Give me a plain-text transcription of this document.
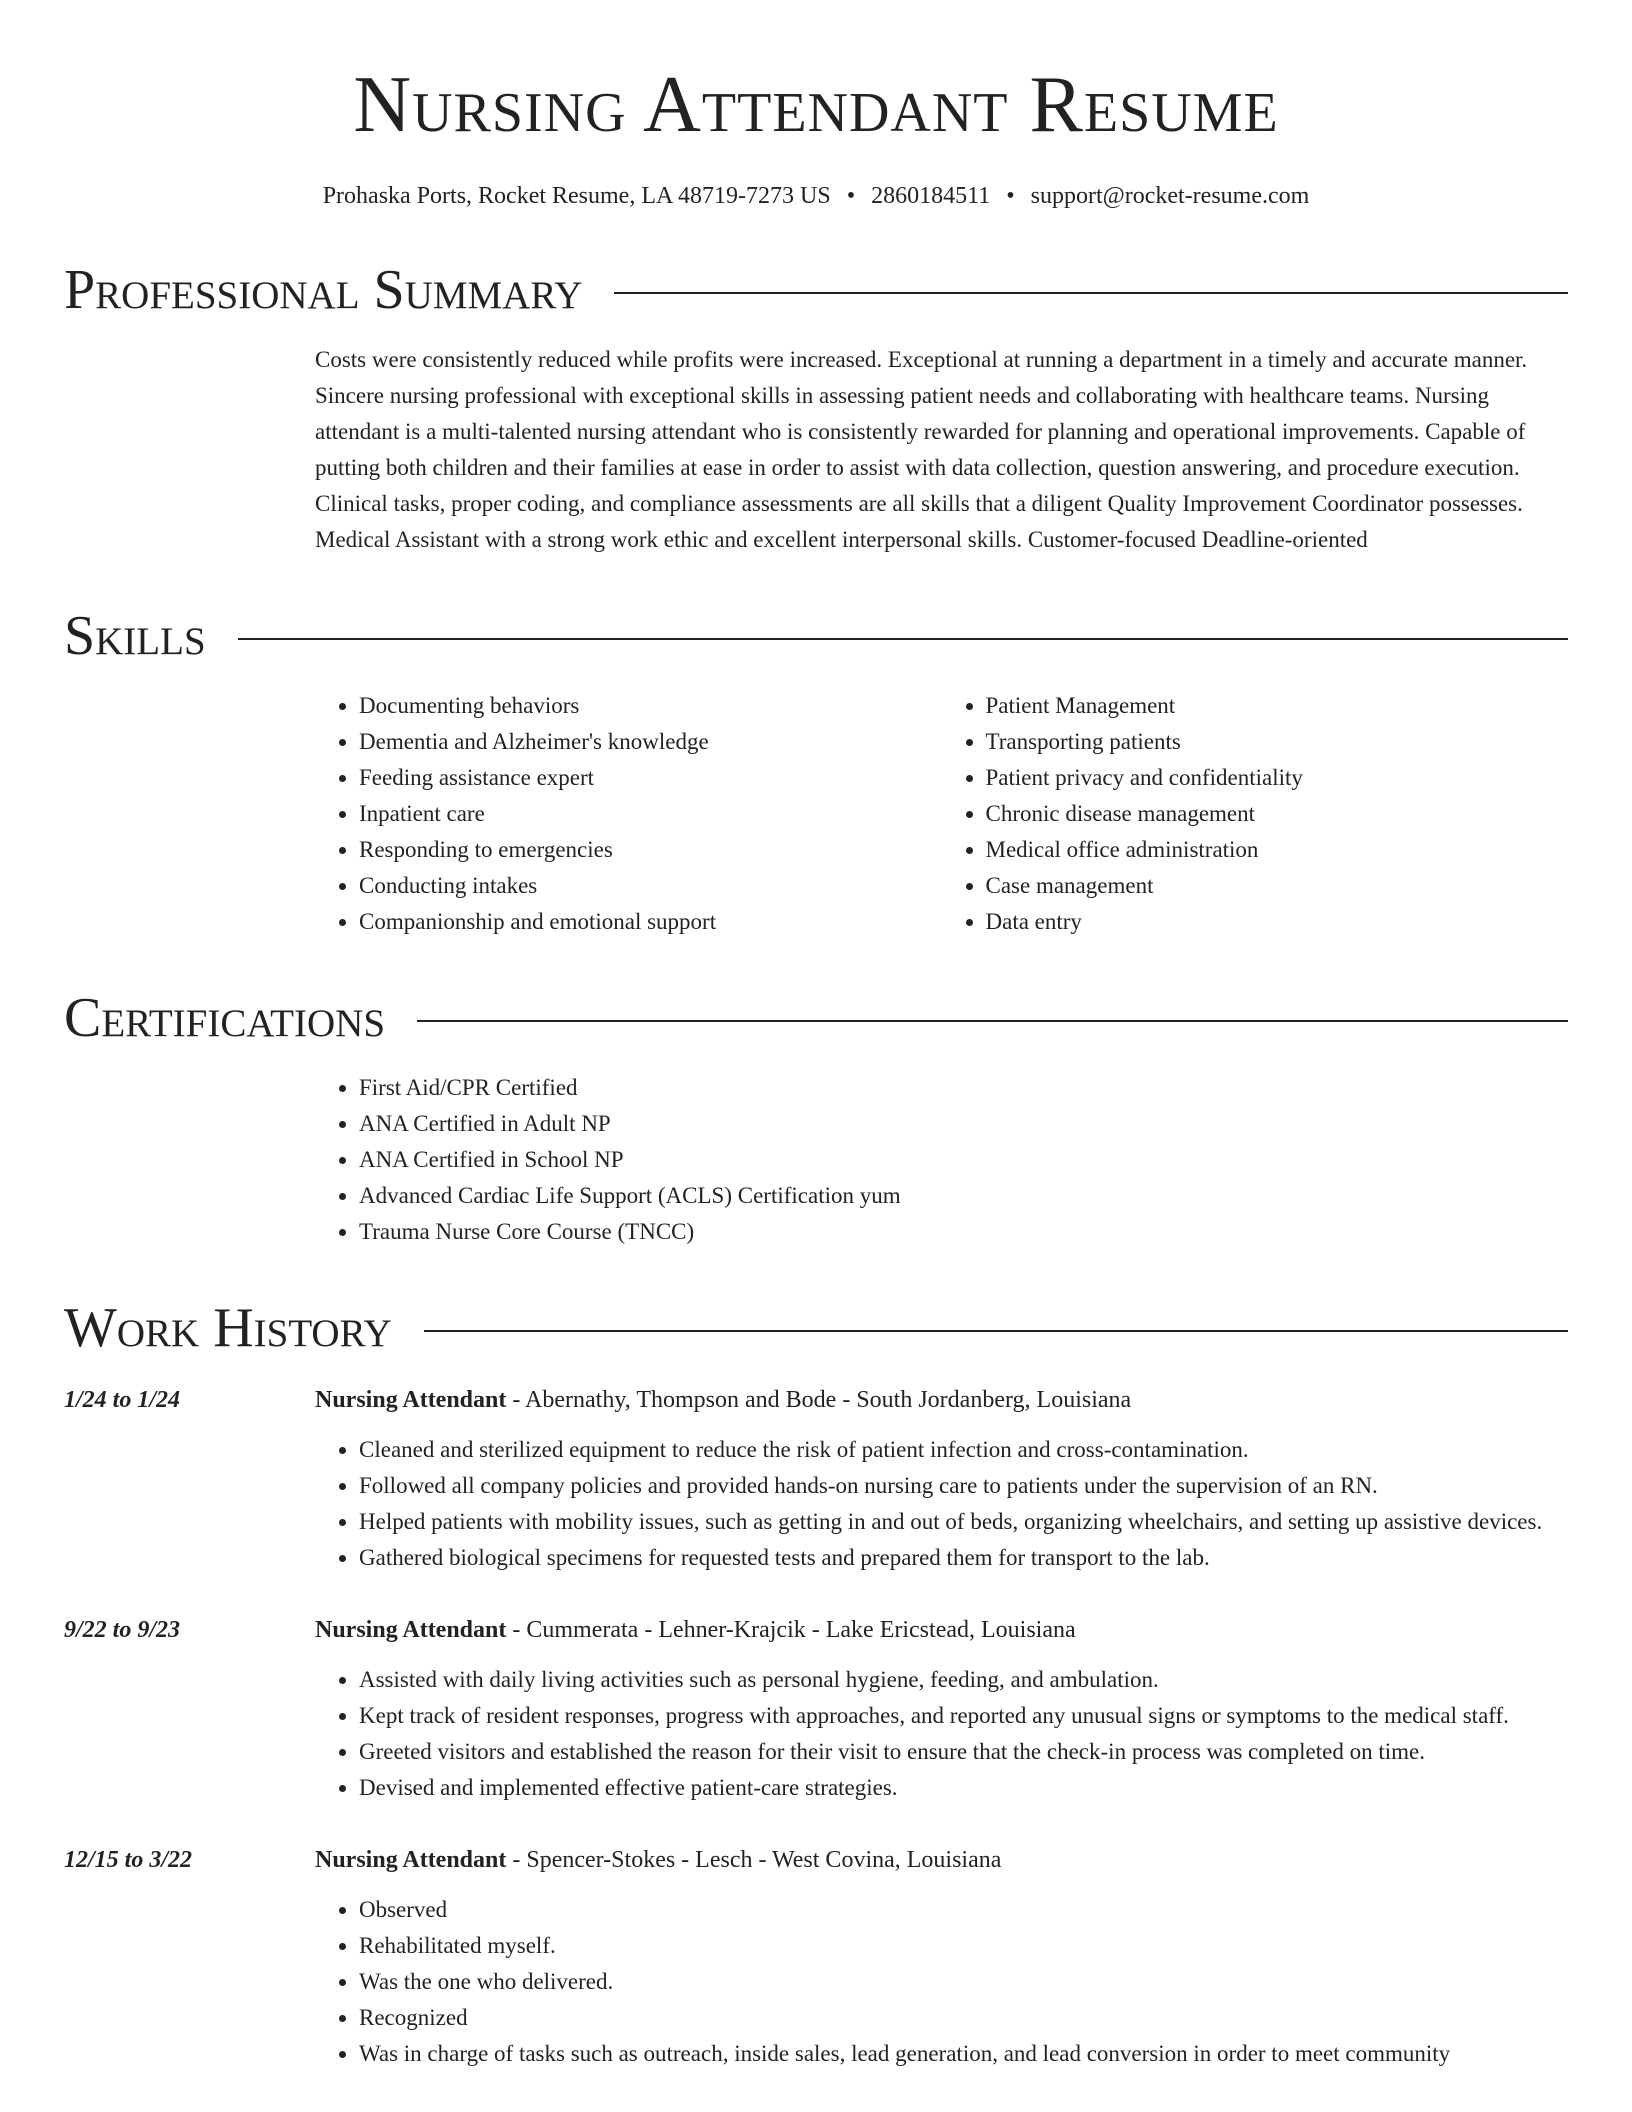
Nursing Attendant Resume
Prohaska Ports, Rocket Resume, LA 48719-7273 US • 2860184511 • support@rocket-resume.com
Professional Summary
Costs were consistently reduced while profits were increased. Exceptional at running a department in a timely and accurate manner. Sincere nursing professional with exceptional skills in assessing patient needs and collaborating with healthcare teams. Nursing attendant is a multi-talented nursing attendant who is consistently rewarded for planning and operational improvements. Capable of putting both children and their families at ease in order to assist with data collection, question answering, and procedure execution. Clinical tasks, proper coding, and compliance assessments are all skills that a diligent Quality Improvement Coordinator possesses. Medical Assistant with a strong work ethic and excellent interpersonal skills. Customer-focused Deadline-oriented
Skills
• Documenting behaviors
• Dementia and Alzheimer's knowledge
• Feeding assistance expert
• Inpatient care
• Responding to emergencies
• Conducting intakes
• Companionship and emotional support
• Patient Management
• Transporting patients
• Patient privacy and confidentiality
• Chronic disease management
• Medical office administration
• Case management
• Data entry
Certifications
• First Aid/CPR Certified
• ANA Certified in Adult NP
• ANA Certified in School NP
• Advanced Cardiac Life Support (ACLS) Certification yum
• Trauma Nurse Core Course (TNCC)
Work History
1/24 to 1/24	Nursing Attendant - Abernathy, Thompson and Bode - South Jordanberg, Louisiana
• Cleaned and sterilized equipment to reduce the risk of patient infection and cross-contamination.
• Followed all company policies and provided hands-on nursing care to patients under the supervision of an RN.
• Helped patients with mobility issues, such as getting in and out of beds, organizing wheelchairs, and setting up assistive devices.
• Gathered biological specimens for requested tests and prepared them for transport to the lab.
9/22 to 9/23	Nursing Attendant - Cummerata - Lehner-Krajcik - Lake Ericstead, Louisiana
• Assisted with daily living activities such as personal hygiene, feeding, and ambulation.
• Kept track of resident responses, progress with approaches, and reported any unusual signs or symptoms to the medical staff.
• Greeted visitors and established the reason for their visit to ensure that the check-in process was completed on time.
• Devised and implemented effective patient-care strategies.
12/15 to 3/22	Nursing Attendant - Spencer-Stokes - Lesch - West Covina, Louisiana
• Observed
• Rehabilitated myself.
• Was the one who delivered.
• Recognized
• Was in charge of tasks such as outreach, inside sales, lead generation, and lead conversion in order to meet community
